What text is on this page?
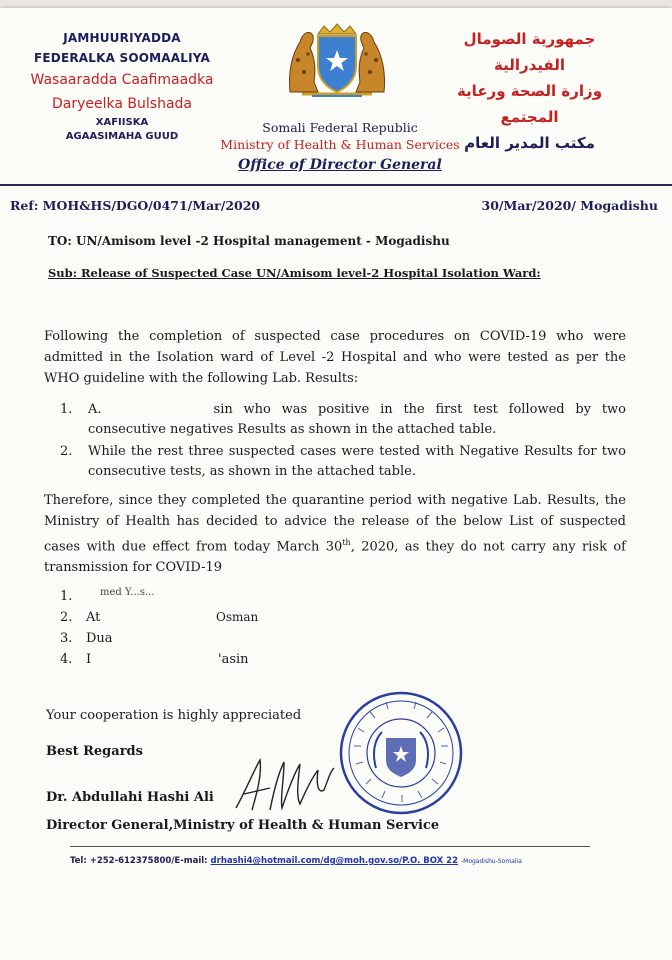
JAMHUURIYADDA
FEDERALKA SOOMAALIYA
Wasaaradda Caafimaadka
Daryeelka Bulshada
XAFIISKA
AGAASIMAHA GUUD
جمهورية الصومال
الفيدرالية
وزارة الصحة ورعاية المجتمع
مكتب المدير العام
Somali Federal Republic
Ministry of Health & Human Services
Office of Director General
Ref: MOH&HS/DGO/0471/Mar/2020	30/Mar/2020/ Mogadishu
TO: UN/Amisom level -2 Hospital management - Mogadishu
Sub: Release of Suspected Case UN/Amisom level-2 Hospital Isolation Ward:
Following the completion of suspected case procedures on COVID-19 who were admitted in the Isolation ward of Level -2 Hospital and who were tested as per the WHO guideline with the following Lab. Results:
1.	A.	sin who was positive in the first test followed by two consecutive negatives Results as shown in the attached table.
2.	While the rest three suspected cases were tested with Negative Results for two consecutive tests, as shown in the attached table.
Therefore, since they completed the quarantine period with negative Lab. Results, the Ministry of Health has decided to advice the release of the below List of suspected cases with due effect from today March 30th, 2020, as they do not carry any risk of transmission for COVID-19
1.	med Y...s...
2. At	Osman
3. Dua
4. I	'asin
Your cooperation is highly appreciated
Best Regards
Dr. Abdullahi Hashi Ali
Director General,Ministry of Health & Human Service
Tel: +252-612375800/E-mail: drhashi4@hotmail.com/dg@moh.gov.so/P.O. BOX 22 -Mogadishu-Somalia
